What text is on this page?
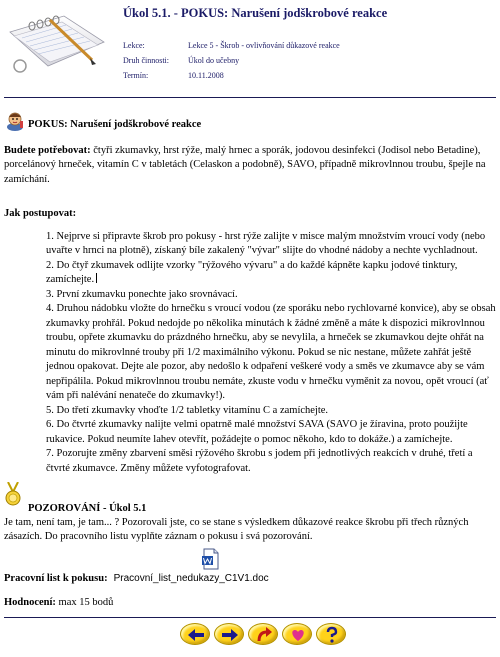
Úkol 5.1. - POKUS: Narušení jodškrobové reakce
Lekce:	Lekce 5 - Škrob - ovlivňování důkazové reakce
Druh činnosti:	Úkol do učebny
Termín:	10.11.2008
POKUS: Narušení jodškrobové reakce

Budete potřebovat: čtyři zkumavky, hrst rýže, malý hrnec a sporák, jodovou desinfekci (Jodisol nebo Betadine), porcelánový hrneček, vitamín C v tabletách (Celaskon a podobně), SAVO, případně mikrovlnnou troubu, špejle na zamíchání.

Jak postupovat:

1. Nejprve si připravte škrob pro pokusy - hrst rýže zalijte v misce malým množstvím vroucí vody (nebo uvařte v hrnci na plotně), získaný bíle zakalený "vývar" slijte do vhodné nádoby a nechte vychladnout.
2. Do čtyř zkumavek odlijte vzorky "rýžového vývaru" a do každé kápněte kapku jodové tinktury, zamíchejte.
3. První zkumavku ponechte jako srovnávací.
4. Druhou nádobku vložte do hrnečku s vroucí vodou (ze sporáku nebo rychlovarné konvice), aby se obsah zkumavky prohřál. Pokud nedojde po několika minutách k žádné změně a máte k dispozici mikrovlnnou troubu, opřete zkumavku do prázdného hrnečku, aby se nevylila, a hrneček se zkumavkou dejte ohřát na minutu do mikrovlnné trouby při 1/2 maximálního výkonu. Pokud se nic nestane, můžete zahřát ještě jednou opakovat. Dejte ale pozor, aby nedošlo k odpaření veškeré vody a směs ve zkumavce aby se vám nepřipálila. Pokud mikrovlnnou troubu nemáte, zkuste vodu v hrnečku vyměnit za novou, opět vroucí (ať vám při nalévání nenateče do zkumavky!).
5. Do třetí zkumavky vhoďte 1/2 tabletky vitamínu C a zamíchejte.
6. Do čtvrté zkumavky nalijte velmi opatrně malé množství SAVA (SAVO je žíravina, proto použijte rukavice. Pokud neumíte lahev otevřít, požádejte o pomoc někoho, kdo to dokáže.) a zamíchejte.
7. Pozorujte změny zbarvení směsi rýžového škrobu s jodem při jednotlivých reakcích v druhé, třetí a čtvrté zkumavce. Změny můžete vyfotografovat.
POZOROVÁNÍ - Úkol 5.1

Je tam, není tam, je tam... ? Pozorovali jste, co se stane s výsledkem důkazové reakce škrobu při třech různých zásazích. Do pracovního listu vyplňte záznam o pokusu i svá pozorování.

Pracovní list k pokusu: Pracovní_list_nedukazy_C1V1.doc
Hodnocení: max 15 bodů
